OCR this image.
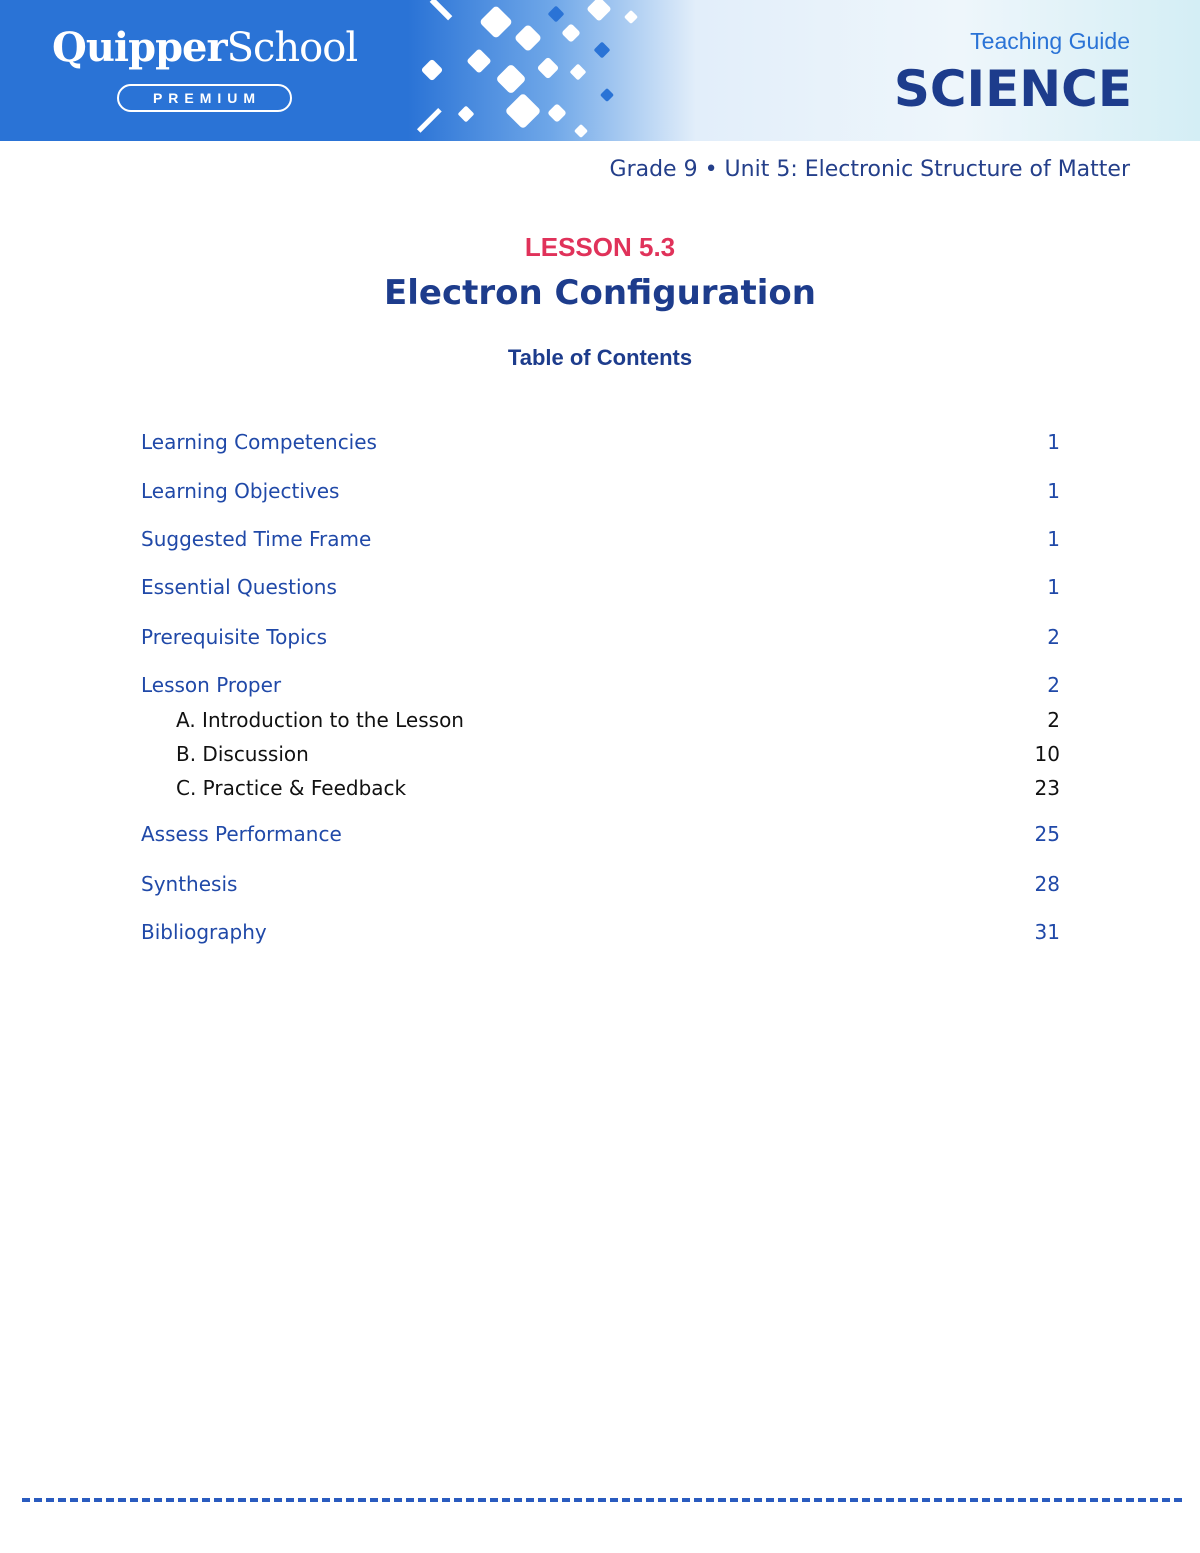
QuipperSchool
PREMIUM
Teaching Guide
SCIENCE
Grade 9 • Unit 5: Electronic Structure of Matter
LESSON 5.3
Electron Configuration
Table of Contents
Learning Competencies	1
Learning Objectives	1
Suggested Time Frame	1
Essential Questions	1
Prerequisite Topics	2
Lesson Proper	2
A. Introduction to the Lesson	2
B. Discussion	10
C. Practice & Feedback	23
Assess Performance	25
Synthesis	28
Bibliography	31
